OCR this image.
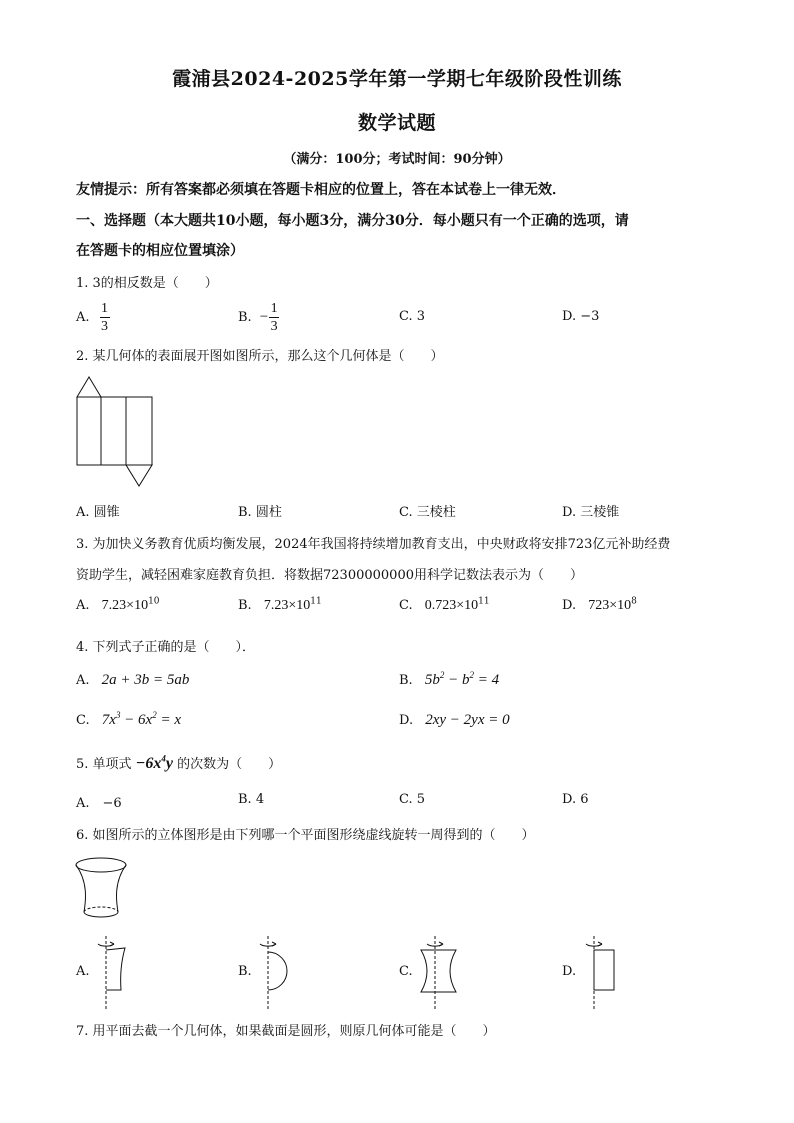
霞浦县2024-2025学年第一学期七年级阶段性训练
数学试题
（满分：100分；考试时间：90分钟）
友情提示：所有答案都必须填在答题卡相应的位置上，答在本试卷上一律无效．
一、选择题（本大题共10小题，每小题3分，满分30分．每小题只有一个正确的选项，请
在答题卡的相应位置填涂）
1. 3的相反数是（　　）
A. $\frac{1}{3}$	B. − $\frac{1}{3}$	C. 3	D. −3
2. 某几何体的表面展开图如图所示，那么这个几何体是（　　）
A. 圆锥	B. 圆柱	C. 三棱柱	D. 三棱锥
3. 为加快义务教育优质均衡发展，2024年我国将持续增加教育支出，中央财政将安排723亿元补助经费
资助学生，减轻困难家庭教育负担．将数据72300000000用科学记数法表示为（　　）
A. $7.23\times 10^{10}$	B. $7.23\times 10^{11}$	C. $0.723\times 10^{11}$	D. $723\times 10^8$
4. 下列式子正确的是（　　）．
A. 2a + 3b = 5ab	B. $5b^2 - b^2 = 4$
C. $7x^3 - 6x^2 = x$	D. 2xy − 2yx = 0
5. 单项式 $-6x^4y$ 的次数为（　　）
A.　−6	B. 4	C. 5	D. 6
6. 如图所示的立体图形是由下列哪一个平面图形绕虚线旋转一周得到的（　　）
A.	B.	C.	D.
7. 用平面去截一个几何体，如果截面是圆形，则原几何体可能是（　　）
